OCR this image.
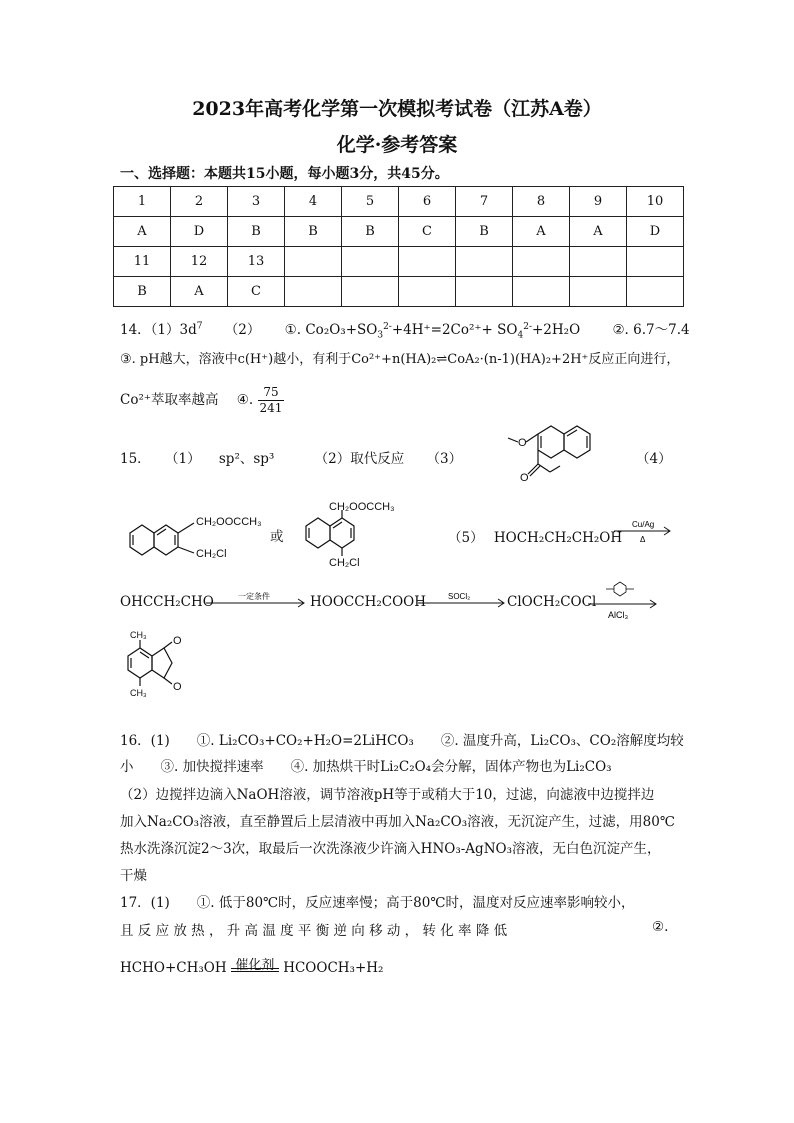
2023年高考化学第一次模拟考试卷（江苏A卷）
化学·参考答案
一、选择题：本题共15小题，每小题3分，共45分。
1	2	3	4	5	6	7	8	9	10
A	D	B	B	B	C	B	A	A	D
11	12	13							
B	A	C							
14．$(1)3d^7$ （2） ①. $Co_2O_3+SO_3^{2-}+4H^+=2Co^{2+}+ SO_4^{2-}+2H_2O$ ②. 6.7～7.4
③. pH越大，溶液中c(H⁺)越小，有利于Co²⁺+n(HA)₂⇌CoA₂·(n-1)(HA)₂+2H⁺反应正向进行，
Co²⁺萃取率越高 ④. $\frac{75}{241}$
15． （1） sp²、sp³	（2）取代反应 （3）	（4）
O
O
CH₂OOCCH₃
CH₂Cl
或
CH₂OOCCH₃
CH₂Cl
（5） HOCH₂CH₂CH₂OH
Cu/Ag
Δ
OHCCH₂CHO	一定条件	HOOCCH₂COOH	SOCl₂	ClOCH₂COCl
AlCl₃
O
O
CH₃
CH₃
16．(1)　　①. Li₂CO₃+CO₂+H₂O=2LiHCO₃　　②. 温度升高，Li₂CO₃、CO₂溶解度均较
小　　③. 加快搅拌速率　　④. 加热烘干时Li₂C₂O₄会分解，固体产物也为Li₂CO₃
（2）边搅拌边滴入NaOH溶液，调节溶液pH等于或稍大于10，过滤，向滤液中边搅拌边
加入Na₂CO₃溶液，直至静置后上层清液中再加入Na₂CO₃溶液，无沉淀产生，过滤，用80℃
热水洗涤沉淀2～3次，取最后一次洗涤液少许滴入HNO₃-AgNO₃溶液，无白色沉淀产生，
干燥
17．(1)　　①. 低于80℃时，反应速率慢；高于80℃时，温度对反应速率影响较小，
且 反 应 放 热 ， 升 高 温 度 平 衡 逆 向 移 动 ， 转 化 率 降 低	②.
HCHO+CH₃OH 催化剂 HCOOCH₃+H₂
